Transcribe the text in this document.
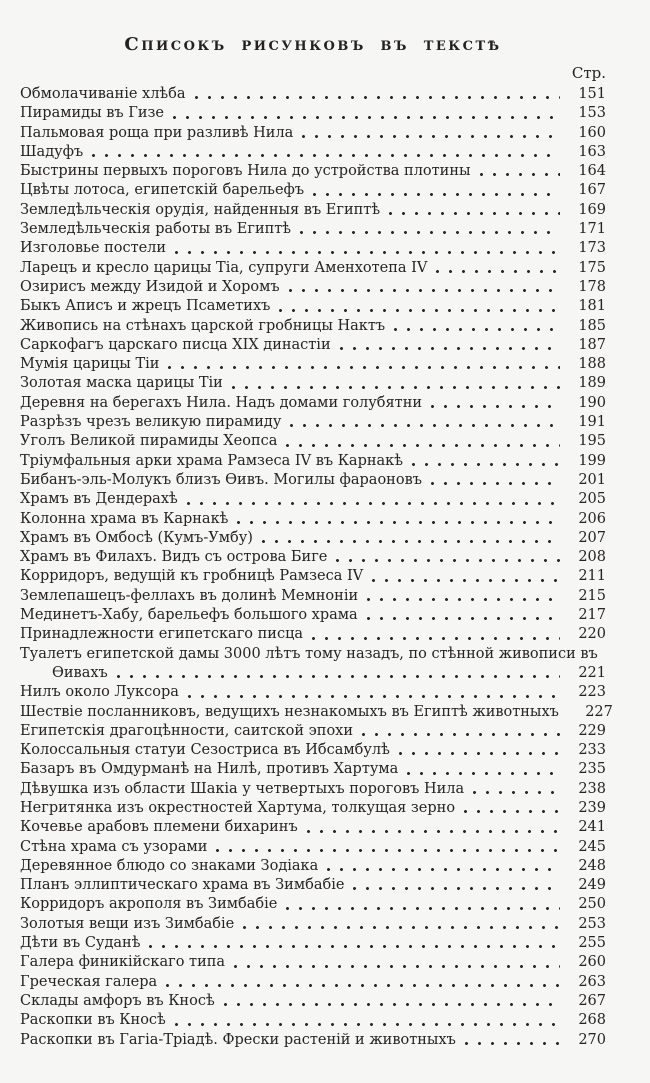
Списокъ рисунковъ въ текстѣ
Стр.
Обмолачиваніе хлѣба	151
Пирамиды въ Гизе	153
Пальмовая роща при разливѣ Нила	160
Шадуфъ	163
Быстрины первыхъ пороговъ Нила до устройства плотины	164
Цвѣты лотоса, египетскій барельефъ	167
Земледѣльческія орудія, найденныя въ Египтѣ	169
Земледѣльческія работы въ Египтѣ	171
Изголовье постели	173
Ларецъ и кресло царицы Тіа, супруги Аменхотепа IV	175
Озирисъ между Изидой и Хоромъ	178
Быкъ Аписъ и жрецъ Псаметихъ	181
Живопись на стѣнахъ царской гробницы Нактъ	185
Саркофагъ царскаго писца XIX династіи	187
Мумія царицы Тіи	188
Золотая маска царицы Тіи	189
Деревня на берегахъ Нила. Надъ домами голубятни	190
Разрѣзъ чрезъ великую пирамиду	191
Уголъ Великой пирамиды Хеопса	195
Тріумфальныя арки храма Рамзеса IV въ Карнакѣ	199
Бибанъ-эль-Молукъ близъ Ѳивъ. Могилы фараоновъ	201
Храмъ въ Дендерахѣ	205
Колонна храма въ Карнакѣ	206
Храмъ въ Омбосѣ (Кумъ-Умбу)	207
Храмъ въ Филахъ. Видъ съ острова Биге	208
Корридоръ, ведущій къ гробницѣ Рамзеса IV	211
Землепашецъ-феллахъ въ долинѣ Мемноніи	215
Мединетъ-Хабу, барельефъ большого храма	217
Принадлежности египетскаго писца	220
Туалетъ египетской дамы 3000 лѣтъ тому назадъ, по стѣнной живописи въ
Ѳивахъ	221
Нилъ около Луксора	223
Шествіе посланниковъ, ведущихъ незнакомыхъ въ Египтѣ животныхъ	227
Египетскія драгоцѣнности, саитской эпохи	229
Колоссальныя статуи Сезостриса въ Ибсамбулѣ	233
Базаръ въ Омдурманѣ на Нилѣ, противъ Хартума	235
Дѣвушка изъ области Шакіа у четвертыхъ пороговъ Нила	238
Негритянка изъ окрестностей Хартума, толкущая зерно	239
Кочевье арабовъ племени бихаринъ	241
Стѣна храма съ узорами	245
Деревянное блюдо со знаками Зодіака	248
Планъ эллиптическаго храма въ Зимбабіе	249
Корридоръ акрополя въ Зимбабіе	250
Золотыя вещи изъ Зимбабіе	253
Дѣти въ Суданѣ	255
Галера финикійскаго типа	260
Греческая галера	263
Склады амфоръ въ Кносѣ	267
Раскопки въ Кносѣ	268
Раскопки въ Гагіа-Тріадѣ. Фрески растеній и животныхъ	270
